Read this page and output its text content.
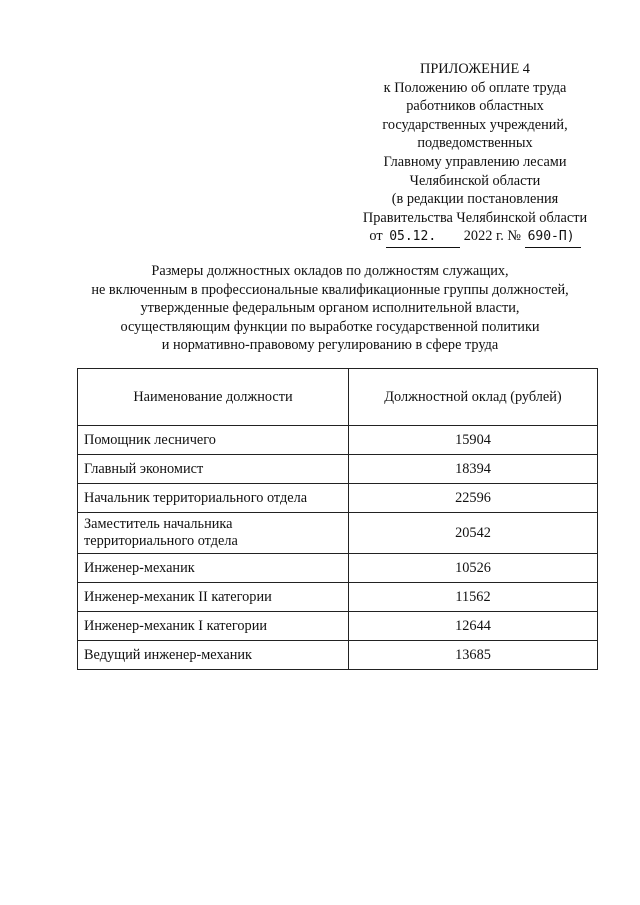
ПРИЛОЖЕНИЕ 4
к Положению об оплате труда
работников областных
государственных учреждений,
подведомственных
Главному управлению лесами
Челябинской области
(в редакции постановления
Правительства Челябинской области
от 05.12. 2022 г. № 690-П)
Размеры должностных окладов по должностям служащих,
не включенным в профессиональные квалификационные группы должностей,
утвержденные федеральным органом исполнительной власти,
осуществляющим функции по выработке государственной политики
и нормативно-правовому регулированию в сфере труда
Наименование должности	Должностной оклад (рублей)
Помощник лесничего	15904
Главный экономист	18394
Начальник территориального отдела	22596

Заместитель начальника
территориального отдела	20542
Инженер-механик	10526
Инженер-механик II категории	11562
Инженер-механик I категории	12644
Ведущий инженер-механик	13685
